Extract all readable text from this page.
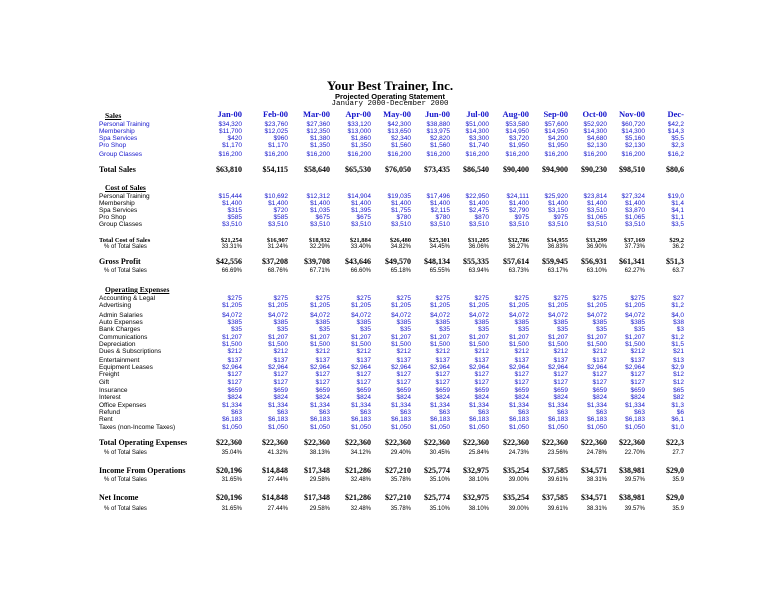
Your Best Trainer, Inc.
Projected Operating Statement
January 2000-December 2000
Jan-00	Feb-00	Mar-00	Apr-00	May-00	Jun-00	Jul-00	Aug-00	Sep-00	Oct-00	Nov-00	Dec-
Sales
Personal Training	$34,320	$23,760	$27,360	$33,120	$42,300	$38,880	$51,000	$53,580	$57,600	$52,920	$60,720	$42,2
Membership	$11,700	$12,025	$12,350	$13,000	$13,650	$13,975	$14,300	$14,950	$14,950	$14,300	$14,300	$14,3
Spa Services	$420	$960	$1,380	$1,860	$2,340	$2,820	$3,300	$3,720	$4,200	$4,680	$5,160	$5,5
Pro Shop	$1,170	$1,170	$1,350	$1,350	$1,560	$1,560	$1,740	$1,950	$1,950	$2,130	$2,130	$2,3
Group Classes	$16,200	$16,200	$16,200	$16,200	$16,200	$16,200	$16,200	$16,200	$16,200	$16,200	$16,200	$16,2
Total Sales	$63,810	$54,115	$58,640	$65,530	$76,050	$73,435	$86,540	$90,400	$94,900	$90,230	$98,510	$80,6
Cost of Sales
Personal Training	$15,444	$10,692	$12,312	$14,904	$19,035	$17,496	$22,950	$24,111	$25,920	$23,814	$27,324	$19,0
Membership	$1,400	$1,400	$1,400	$1,400	$1,400	$1,400	$1,400	$1,400	$1,400	$1,400	$1,400	$1,4
Spa Services	$315	$720	$1,035	$1,395	$1,755	$2,115	$2,475	$2,790	$3,150	$3,510	$3,870	$4,1
Pro Shop	$585	$585	$675	$675	$780	$780	$870	$975	$975	$1,065	$1,065	$1,1
Group Classes	$3,510	$3,510	$3,510	$3,510	$3,510	$3,510	$3,510	$3,510	$3,510	$3,510	$3,510	$3,5
Total Cost of Sales	$21,254	$16,907	$18,932	$21,884	$26,480	$25,301	$31,205	$32,786	$34,955	$33,299	$37,169	$29,2
% of Total Sales	33.31%	31.24%	32.29%	33.40%	34.82%	34.45%	36.06%	36.27%	36.83%	36.90%	37.73%	36.2
Gross Profit	$42,556	$37,208	$39,708	$43,646	$49,570	$48,134	$55,335	$57,614	$59,945	$56,931	$61,341	$51,3
% of Total Sales	66.69%	68.76%	67.71%	66.60%	65.18%	65.55%	63.94%	63.73%	63.17%	63.10%	62.27%	63.7
Operating Expenses
Accounting & Legal	$275	$275	$275	$275	$275	$275	$275	$275	$275	$275	$275	$27
Advertising	$1,205	$1,205	$1,205	$1,205	$1,205	$1,205	$1,205	$1,205	$1,205	$1,205	$1,205	$1,2
Admin Salaries	$4,072	$4,072	$4,072	$4,072	$4,072	$4,072	$4,072	$4,072	$4,072	$4,072	$4,072	$4,0
Auto Expenses	$385	$385	$385	$385	$385	$385	$385	$385	$385	$385	$385	$38
Bank Charges	$35	$35	$35	$35	$35	$35	$35	$35	$35	$35	$35	$3
Communications	$1,207	$1,207	$1,207	$1,207	$1,207	$1,207	$1,207	$1,207	$1,207	$1,207	$1,207	$1,2
Depreciation	$1,500	$1,500	$1,500	$1,500	$1,500	$1,500	$1,500	$1,500	$1,500	$1,500	$1,500	$1,5
Dues & Subscriptions	$212	$212	$212	$212	$212	$212	$212	$212	$212	$212	$212	$21
Entertainment	$137	$137	$137	$137	$137	$137	$137	$137	$137	$137	$137	$13
Equipment Leases	$2,964	$2,964	$2,964	$2,964	$2,964	$2,964	$2,964	$2,964	$2,964	$2,964	$2,964	$2,9
Freight	$127	$127	$127	$127	$127	$127	$127	$127	$127	$127	$127	$12
Gift	$127	$127	$127	$127	$127	$127	$127	$127	$127	$127	$127	$12
Insurance	$659	$659	$659	$659	$659	$659	$659	$659	$659	$659	$659	$65
Interest	$824	$824	$824	$824	$824	$824	$824	$824	$824	$824	$824	$82
Office Expenses	$1,334	$1,334	$1,334	$1,334	$1,334	$1,334	$1,334	$1,334	$1,334	$1,334	$1,334	$1,3
Refund	$63	$63	$63	$63	$63	$63	$63	$63	$63	$63	$63	$6
Rent	$6,183	$6,183	$6,183	$6,183	$6,183	$6,183	$6,183	$6,183	$6,183	$6,183	$6,183	$6,1
Taxes (non-Income Taxes)	$1,050	$1,050	$1,050	$1,050	$1,050	$1,050	$1,050	$1,050	$1,050	$1,050	$1,050	$1,0
Total Operating Expenses	$22,360	$22,360	$22,360	$22,360	$22,360	$22,360	$22,360	$22,360	$22,360	$22,360	$22,360	$22,3
% of Total Sales	35.04%	41.32%	38.13%	34.12%	29.40%	30.45%	25.84%	24.73%	23.56%	24.78%	22.70%	27.7
Income From Operations	$20,196	$14,848	$17,348	$21,286	$27,210	$25,774	$32,975	$35,254	$37,585	$34,571	$38,981	$29,0
% of Total Sales	31.65%	27.44%	29.58%	32.48%	35.78%	35.10%	38.10%	39.00%	39.61%	38.31%	39.57%	35.9
Net Income	$20,196	$14,848	$17,348	$21,286	$27,210	$25,774	$32,975	$35,254	$37,585	$34,571	$38,981	$29,0
% of Total Sales	31.65%	27.44%	29.58%	32.48%	35.78%	35.10%	38.10%	39.00%	39.61%	38.31%	39.57%	35.9
